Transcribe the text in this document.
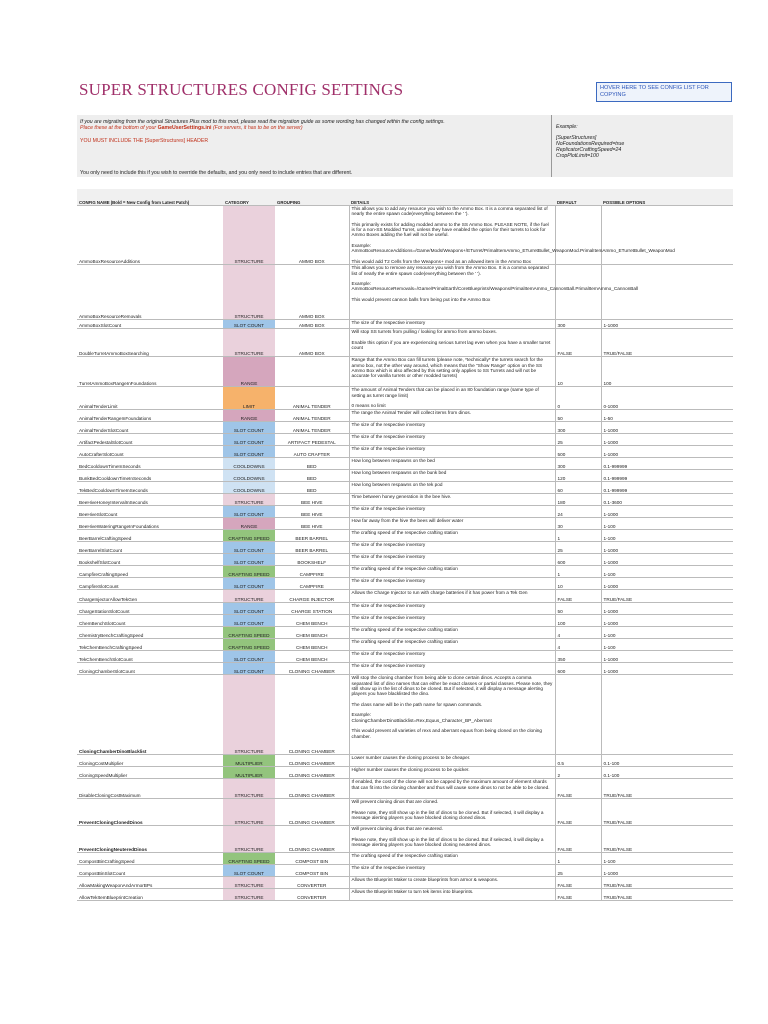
SUPER STRUCTURES CONFIG SETTINGS	HOVER HERE TO SEE CONFIG LIST FOR COPYING
If you are migrating from the original Structures Plus mod to this mod, please read the migration guide as some wording has changed within the config settings.
Place these at the bottom of your GameUserSettings.ini (For servers, it has to be on the server)
YOU MUST INCLUDE THE [SuperStructures] HEADER
You only need to include this if you wish to override the defaults, and you only need to include entries that are different.
Example:
[SuperStructures]
NoFoundationsRequired=true
ReplicatorCraftingSpeed=24
CropPlotLimit=100
CONFIG NAME (Bold = New Config from Latest Patch)	CATEGORY	GROUPING	DETAILS	DEFAULT	POSSIBLE OPTIONS
AmmoBoxResourceAdditions	STRUCTURE	AMMO BOX	This allows you to add any resource you wish to the Ammo Box. It is a comma separated list of nearly the entire spawn code(everything between the ' ').

This primarily exists for adding modded ammo to the SS Ammo Box. PLEASE NOTE, if the fuel is for a non-SS Modded Turret, unless they have enabled the option for their turrets to look for Ammo Boxes adding the fuel will not be useful.

Example:
AmmoBoxResourceAdditions=/Game/Mods/Weapons+/ETurret/PrimalItemAmmo_ETurretBullet_WeaponMod.PrimalItemAmmo_ETurretBullet_WeaponMod

This would add T2 Cells from the Weapons+ mod as an allowed item in the Ammo Box		
AmmoBoxResourceRemovals	STRUCTURE	AMMO BOX	This allows you to remove any resource you wish from the Ammo Box. It is a comma separated list of nearly the entire spawn code(everything between the ' ').

Example:
AmmoBoxResourceRemovals=/Game/PrimalEarth/CoreBlueprints/Weapons/PrimalItemAmmo_CannonBall.PrimalItemAmmo_CannonBall

This would prevent cannon balls from being put into the Ammo Box		
AmmoBoxSlotCount	SLOT COUNT	AMMO BOX	The size of the respective inventory	300	1-1000
DoubleTurretAmmoBoxSearching	STRUCTURE	AMMO BOX	Will stop SS turrets from pulling / looking for ammo from ammo boxes.

Enable this option if you are experiencing serious turret lag even when you have a smaller turret count	FALSE	TRUE/FALSE
TurretAmmoBoxRangeInFoundations	RANGE		Range that the Ammo Box can fill turrets (please note, *technically* the turrets search for the ammo box, not the other way around, which means that the "Show Range" option on the SS Ammo Box which is also affected by this setting only applies to SS Turrets and will not be accurate for vanilla turrets or other modded turrets)	10	100
AnimalTenderLimit	LIMIT	ANIMAL TENDER	The amount of Animal Tenders that can be placed in an 80 foundation range (same type of setting as turret range limit)

0 means no limit	0	0-1000
AnimalTenderRangeInFoundations	RANGE	ANIMAL TENDER	The range the Animal Tender will collect items from dinos.	50	1-50
AnimalTenderSlotCount	SLOT COUNT	ANIMAL TENDER	The size of the respective inventory	300	1-1000
ArtifactPedestalSlotCount	SLOT COUNT	ARTIFACT PEDESTAL	The size of the respective inventory	25	1-1000
AutoCrafterSlotCount	SLOT COUNT	AUTO CRAFTER	The size of the respective inventory	500	1-1000
BedCooldownTimeInSeconds	COOLDOWNS	BED	How long between respawns on the bed	300	0.1-999999
BunkBedCooldownTimeInSeconds	COOLDOWNS	BED	How long between respawns on the bunk bed	120	0.1-999999
TekBedCooldownTimeInSeconds	COOLDOWNS	BED	How long between respawns on the tek pod	60	0.1-999999
BeeHiveHoneyIntervalInSeconds	STRUCTURE	BEE HIVE	Time between honey generation in the bee hive.	180	0.1-3600
BeeHiveSlotCount	SLOT COUNT	BEE HIVE	The size of the respective inventory	24	1-1000
BeeHiveWateringRangeInFoundations	RANGE	BEE HIVE	How far away from the hive the bees will deliver water	30	1-100
BeerBarrelCraftingSpeed	CRAFTING SPEED	BEER BARREL	The crafting speed of the respective crafting station	1	1-100
BeerBarrelSlotCount	SLOT COUNT	BEER BARREL	The size of the respective inventory	25	1-1000
BookshelfSlotCount	SLOT COUNT	BOOKSHELF	The size of the respective inventory	600	1-1000
CampfireCraftingSpeed	CRAFTING SPEED	CAMPFIRE	The crafting speed of the respective crafting station	1	1-100
CampfireSlotCount	SLOT COUNT	CAMPFIRE	The size of the respective inventory	10	1-1000
ChargeInjectorAllowTekGen	STRUCTURE	CHARGE INJECTOR	Allows the Charge Injector to run with charge batteries if it has power from a Tek Gen	FALSE	TRUE/FALSE
ChargeStationSlotCount	SLOT COUNT	CHARGE STATION	The size of the respective inventory	50	1-1000
ChemBenchSlotCount	SLOT COUNT	CHEM BENCH	The size of the respective inventory	100	1-1000
ChemistryBenchCraftingSpeed	CRAFTING SPEED	CHEM BENCH	The crafting speed of the respective crafting station	4	1-100
TekChemBenchCraftingSpeed	CRAFTING SPEED	CHEM BENCH	The crafting speed of the respective crafting station	4	1-100
TekChemBenchSlotCount	SLOT COUNT	CHEM BENCH	The size of the respective inventory	350	1-1000
CloningChamberSlotCount	SLOT COUNT	CLONING CHAMBER	The size of the respective inventory	600	1-1000
CloningChamberDinoBlacklist	STRUCTURE	CLONING CHAMBER	Will stop the cloning chamber from being able to clone certain dinos. Accepts a comma separated list of dino names that can either be exact classes or partial classes. Please note, they still show up in the list of dinos to be cloned. But if selected, it will display a message alerting players you have blacklisted the dino.

The class name will be in the path name for spawn commands.

Example:
CloningChamberDinoBlacklist=Rex,Equus_Character_BP_Aberrant

This would prevent all varieties of rexs and aberrant equus from being cloned on the cloning chamber.		
CloningCostMultiplier	MULTIPLIER	CLONING CHAMBER	Lower number causes the cloning process to be cheaper.	0.5	0.1-100
CloningSpeedMultiplier	MULTIPLIER	CLONING CHAMBER	Higher number causes the cloning process to be quicker.	2	0.1-100
DisableCloningCostMaximum	STRUCTURE	CLONING CHAMBER	If enabled, the cost of the clone will not be capped by the maximum amount of element shards that can fit into the cloning chamber and thus will cause some dinos to not be able to be cloned.	FALSE	TRUE/FALSE
PreventCloningClonedDinos	STRUCTURE	CLONING CHAMBER	Will prevent cloning dinos that are cloned.

Please note, they still show up in the list of dinos to be cloned. But if selected, it will display a message alerting players you have blocked cloning cloned dinos.	FALSE	TRUE/FALSE
PreventCloningNeuteredDinos	STRUCTURE	CLONING CHAMBER	Will prevent cloning dinos that are neutered.

Please note, they still show up in the list of dinos to be cloned. But if selected, it will display a message alerting players you have blocked cloning neutered dinos.	FALSE	TRUE/FALSE
CompostBinCraftingSpeed	CRAFTING SPEED	COMPOST BIN	The crafting speed of the respective crafting station	1	1-100
CompostBinSlotCount	SLOT COUNT	COMPOST BIN	The size of the respective inventory	25	1-1000
AllowMakingWeaponAndArmorBPs	STRUCTURE	CONVERTER	Allows the Blueprint Maker to create blueprints from armor & weapons.	FALSE	TRUE/FALSE
AllowTekItemBlueprintCreation	STRUCTURE	CONVERTER	Allows the Blueprint Maker to turn tek items into blueprints.	FALSE	TRUE/FALSE
